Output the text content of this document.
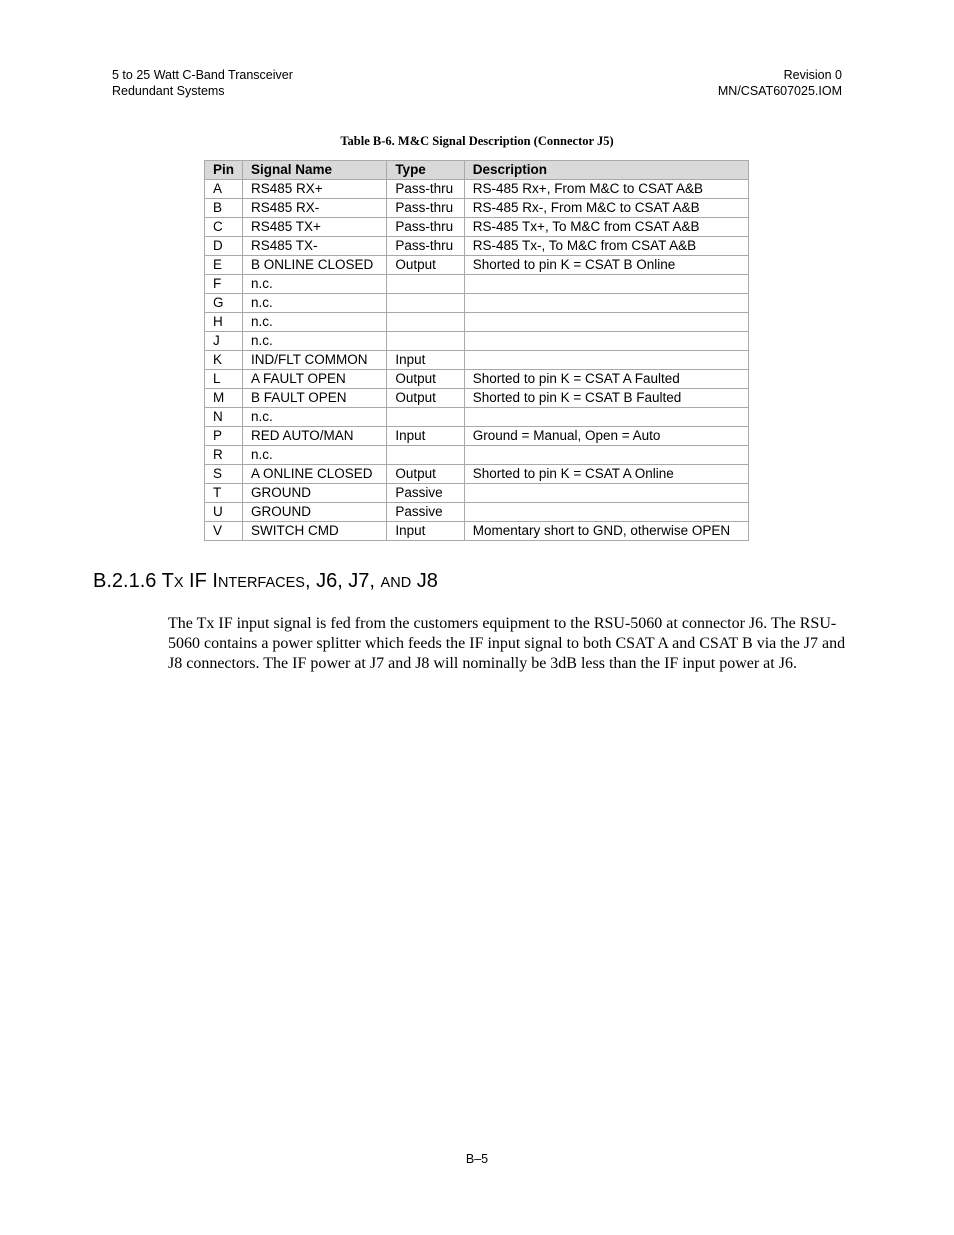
5 to 25 Watt C-Band Transceiver
Redundant Systems
Revision 0
MN/CSAT607025.IOM
Table B-6. M&C Signal Description (Connector J5)
Pin	Signal Name	Type	Description
A	RS485 RX+	Pass-thru	RS-485 Rx+, From M&C to CSAT A&B
B	RS485 RX-	Pass-thru	RS-485 Rx-, From M&C to CSAT A&B
C	RS485 TX+	Pass-thru	RS-485 Tx+, To M&C from CSAT A&B
D	RS485 TX-	Pass-thru	RS-485 Tx-, To M&C from CSAT A&B
E	B ONLINE CLOSED	Output	Shorted to pin K = CSAT B Online
F	n.c.		
G	n.c.		
H	n.c.		
J	n.c.		
K	IND/FLT COMMON	Input	
L	A FAULT OPEN	Output	Shorted to pin K = CSAT A Faulted
M	B FAULT OPEN	Output	Shorted to pin K = CSAT B Faulted
N	n.c.		
P	RED AUTO/MAN	Input	Ground = Manual, Open = Auto
R	n.c.		
S	A ONLINE CLOSED	Output	Shorted to pin K = CSAT A Online
T	GROUND	Passive	
U	GROUND	Passive	
V	SWITCH CMD	Input	Momentary short to GND, otherwise OPEN
B.2.1.6 TX IF INTERFACES, J6, J7, AND J8
The Tx IF input signal is fed from the customers equipment to the RSU-5060 at connector J6. The RSU-5060 contains a power splitter which feeds the IF input signal to both CSAT A and CSAT B via the J7 and J8 connectors. The IF power at J7 and J8 will nominally be 3dB less than the IF input power at J6.
B–5
